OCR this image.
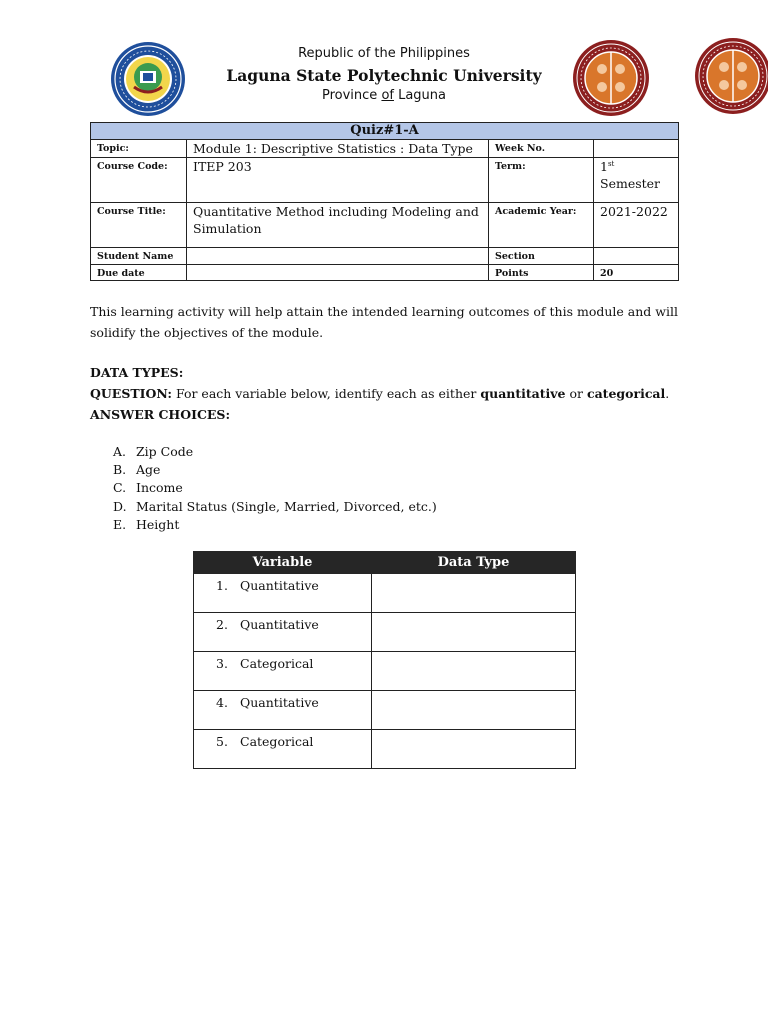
Republic of the Philippines
Laguna State Polytechnic University
Province of Laguna
Quiz#1-A			
Topic:	Module 1: Descriptive Statistics : Data Type	Week No.	
Course Code:	ITEP 203	Term:	1st
Semester
Course Title:	Quantitative Method including Modeling and Simulation	Academic Year:	2021-2022
Student Name		Section	
Due date		Points	20
This learning activity will help attain the intended learning outcomes of this module and will solidify the objectives of the module.
DATA TYPES:
QUESTION: For each variable below, identify each as either quantitative or categorical.
ANSWER CHOICES:
A. Zip Code
B. Age
C. Income
D. Marital Status (Single, Married, Divorced, etc.)
E. Height
Variable	Data Type

1. Quantitative	

2. Quantitative	

3. Categorical	

4. Quantitative	

5. Categorical	
